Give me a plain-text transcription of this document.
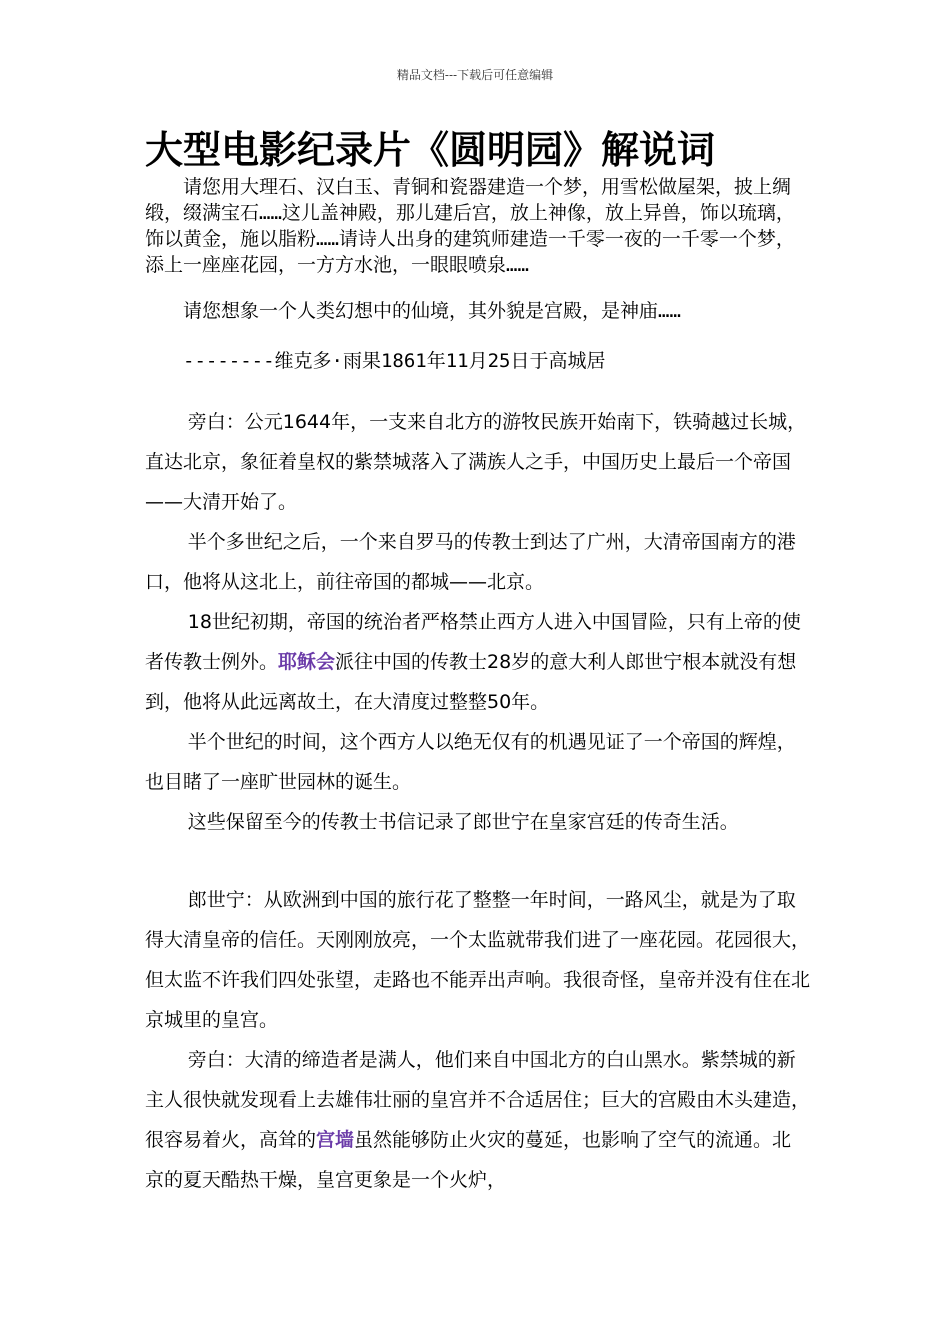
精品文档---下载后可任意编辑
大型电影纪录片《圆明园》解说词

请您用大理石、汉白玉、青铜和瓷器建造一个梦，用雪松做屋架，披上绸缎，缀满宝石……这儿盖神殿，那儿建后宫，放上神像，放上异兽，饰以琉璃，饰以黄金，施以脂粉……请诗人出身的建筑师建造一千零一夜的一千零一个梦，添上一座座花园，一方方水池，一眼眼喷泉……

请您想象一个人类幻想中的仙境，其外貌是宫殿，是神庙……

--------维克多·雨果1861年11月25日于高城居

旁白：公元1644年，一支来自北方的游牧民族开始南下，铁骑越过长城，直达北京，象征着皇权的紫禁城落入了满族人之手，中国历史上最后一个帝国——大清开始了。

半个多世纪之后，一个来自罗马的传教士到达了广州，大清帝国南方的港口，他将从这北上，前往帝国的都城——北京。

18世纪初期，帝国的统治者严格禁止西方人进入中国冒险，只有上帝的使者传教士例外。耶稣会派往中国的传教士28岁的意大利人郎世宁根本就没有想到，他将从此远离故土，在大清度过整整50年。

半个世纪的时间，这个西方人以绝无仅有的机遇见证了一个帝国的辉煌，也目睹了一座旷世园林的诞生。

这些保留至今的传教士书信记录了郎世宁在皇家宫廷的传奇生活。

郎世宁：从欧洲到中国的旅行花了整整一年时间，一路风尘，就是为了取得大清皇帝的信任。天刚刚放亮，一个太监就带我们进了一座花园。花园很大，但太监不许我们四处张望，走路也不能弄出声响。我很奇怪，皇帝并没有住在北京城里的皇宫。

旁白：大清的缔造者是满人，他们来自中国北方的白山黑水。紫禁城的新主人很快就发现看上去雄伟壮丽的皇宫并不合适居住；巨大的宫殿由木头建造，很容易着火，高耸的宫墙虽然能够防止火灾的蔓延，也影响了空气的流通。北京的夏天酷热干燥，皇宫更象是一个火炉，
